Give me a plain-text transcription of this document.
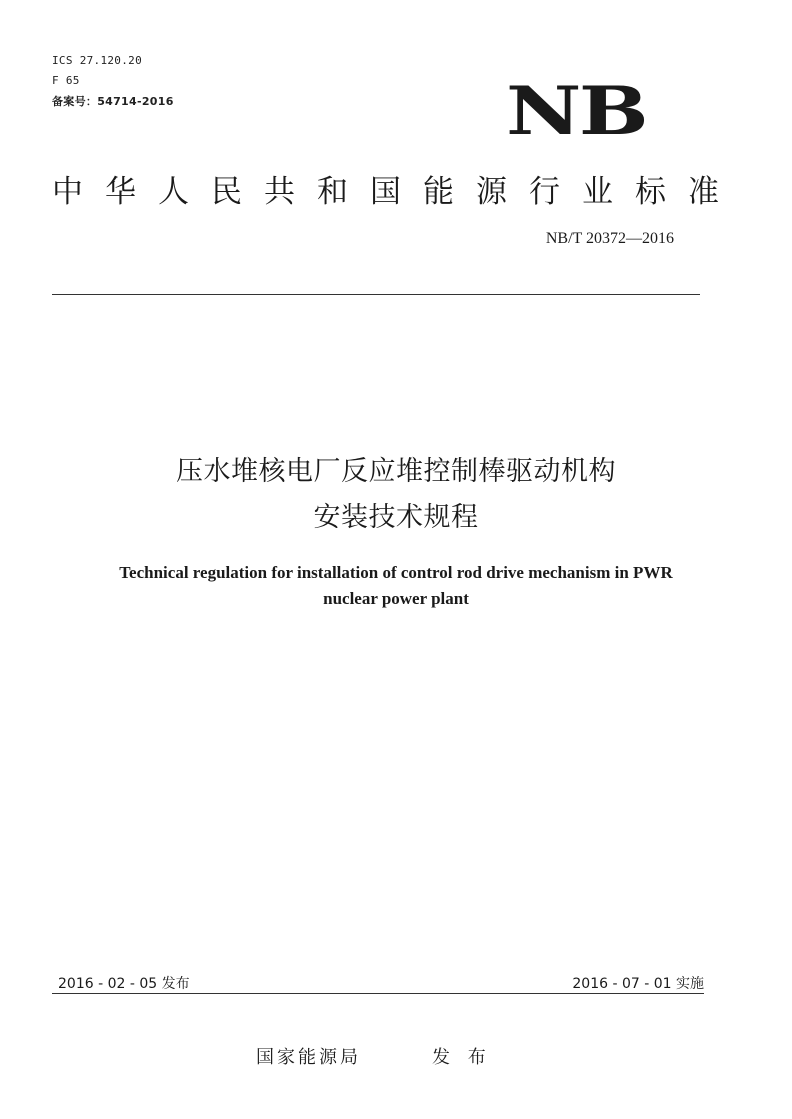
ICS 27.120.20
F 65
备案号：54714-2016	NB
中华人民共和国能源行业标准
NB/T 20372—2016
压水堆核电厂反应堆控制棒驱动机构
安装技术规程
Technical regulation for installation of control rod drive mechanism in PWR
nuclear power plant
2016 - 02 - 05 发布	2016 - 07 - 01 实施
国家能源局	发 布
